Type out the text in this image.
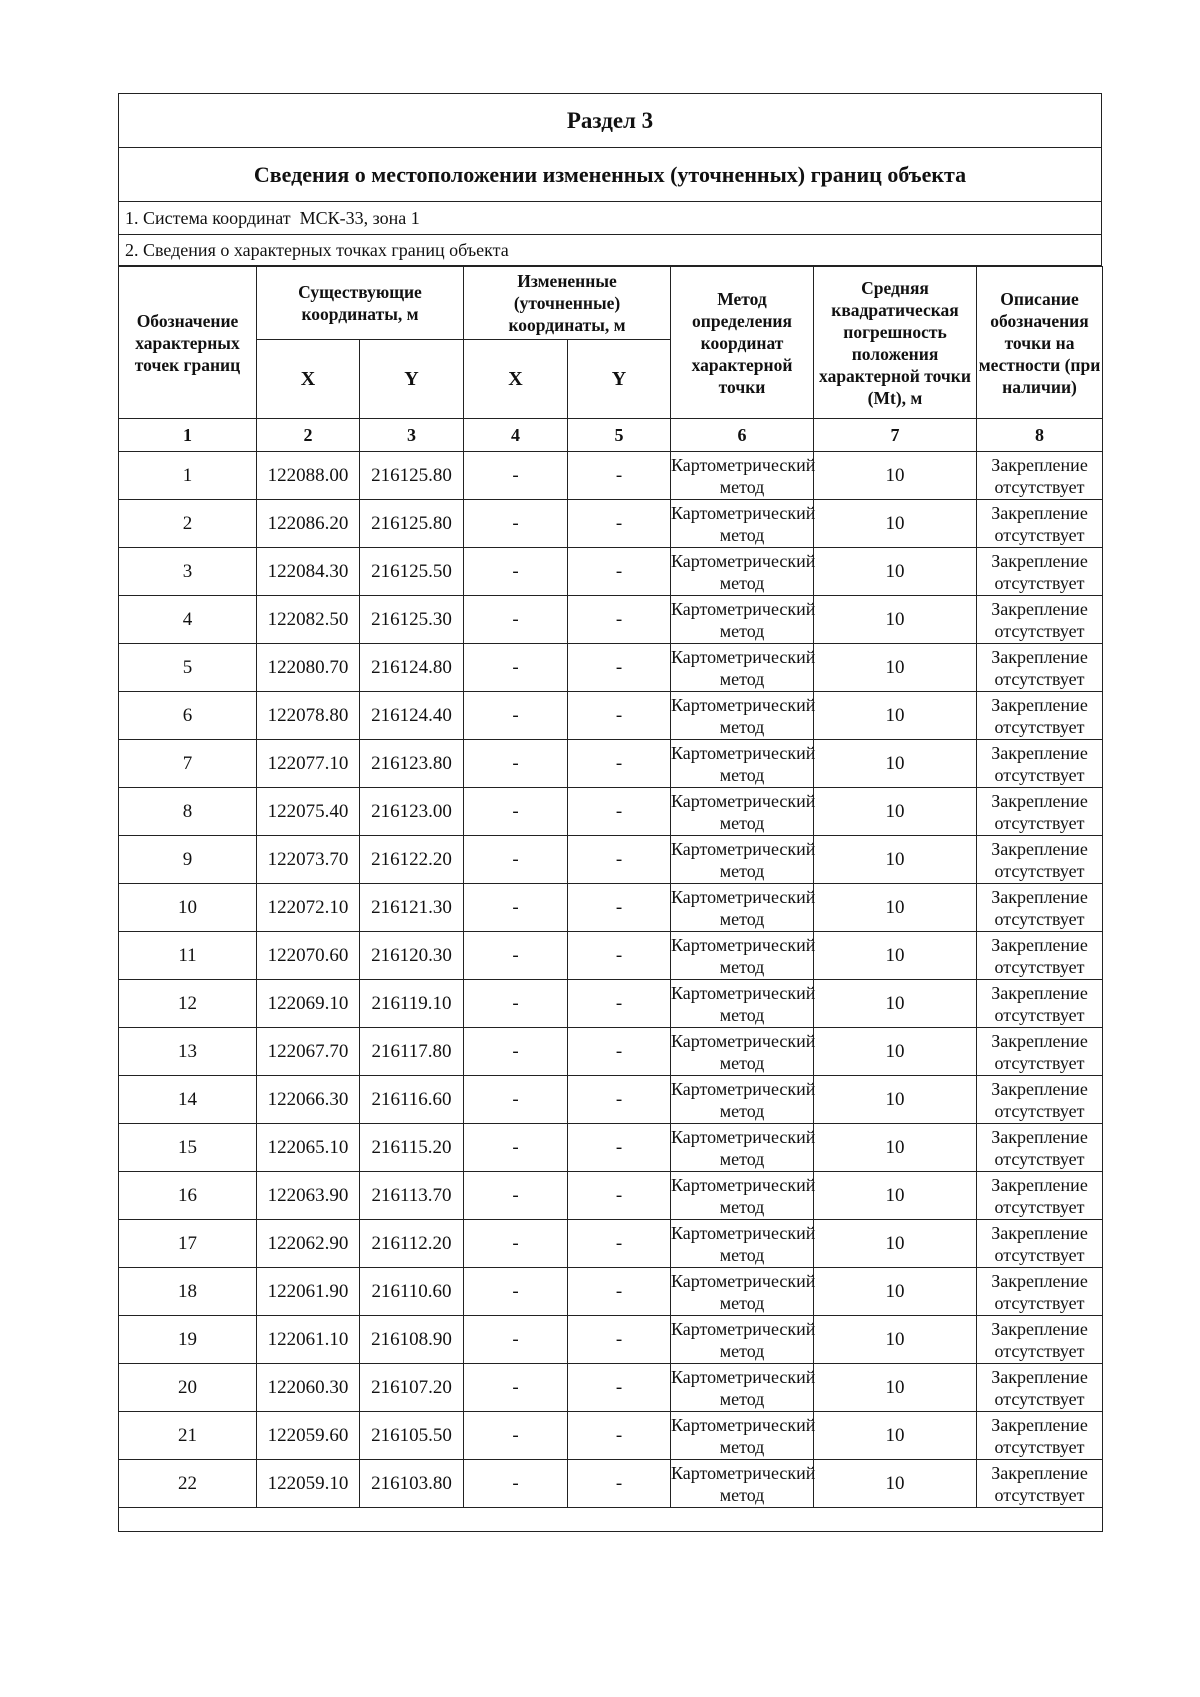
Раздел 3
Сведения о местоположении измененных (уточненных) границ объекта
1. Система координат МСК-33, зона 1
2. Сведения о характерных точках границ объекта
Обозначение характерных точек границ	Существующие координаты, м		Измененные (уточненные) координаты, м		Метод определения координат характерной точки	Средняя квадратическая погрешность положения характерной точки (Mt), м	Описание обозначения точки на местности (при наличии)
	X	Y	X	Y			
1	2	3	4	5	6	7	8
1	122088.00	216125.80	-	-	Картометрический метод	10	Закрепление отсутствует
2	122086.20	216125.80	-	-	Картометрический метод	10	Закрепление отсутствует
3	122084.30	216125.50	-	-	Картометрический метод	10	Закрепление отсутствует
4	122082.50	216125.30	-	-	Картометрический метод	10	Закрепление отсутствует
5	122080.70	216124.80	-	-	Картометрический метод	10	Закрепление отсутствует
6	122078.80	216124.40	-	-	Картометрический метод	10	Закрепление отсутствует
7	122077.10	216123.80	-	-	Картометрический метод	10	Закрепление отсутствует
8	122075.40	216123.00	-	-	Картометрический метод	10	Закрепление отсутствует
9	122073.70	216122.20	-	-	Картометрический метод	10	Закрепление отсутствует
10	122072.10	216121.30	-	-	Картометрический метод	10	Закрепление отсутствует
11	122070.60	216120.30	-	-	Картометрический метод	10	Закрепление отсутствует
12	122069.10	216119.10	-	-	Картометрический метод	10	Закрепление отсутствует
13	122067.70	216117.80	-	-	Картометрический метод	10	Закрепление отсутствует
14	122066.30	216116.60	-	-	Картометрический метод	10	Закрепление отсутствует
15	122065.10	216115.20	-	-	Картометрический метод	10	Закрепление отсутствует
16	122063.90	216113.70	-	-	Картометрический метод	10	Закрепление отсутствует
17	122062.90	216112.20	-	-	Картометрический метод	10	Закрепление отсутствует
18	122061.90	216110.60	-	-	Картометрический метод	10	Закрепление отсутствует
19	122061.10	216108.90	-	-	Картометрический метод	10	Закрепление отсутствует
20	122060.30	216107.20	-	-	Картометрический метод	10	Закрепление отсутствует
21	122059.60	216105.50	-	-	Картометрический метод	10	Закрепление отсутствует
22	122059.10	216103.80	-	-	Картометрический метод	10	Закрепление отсутствует
